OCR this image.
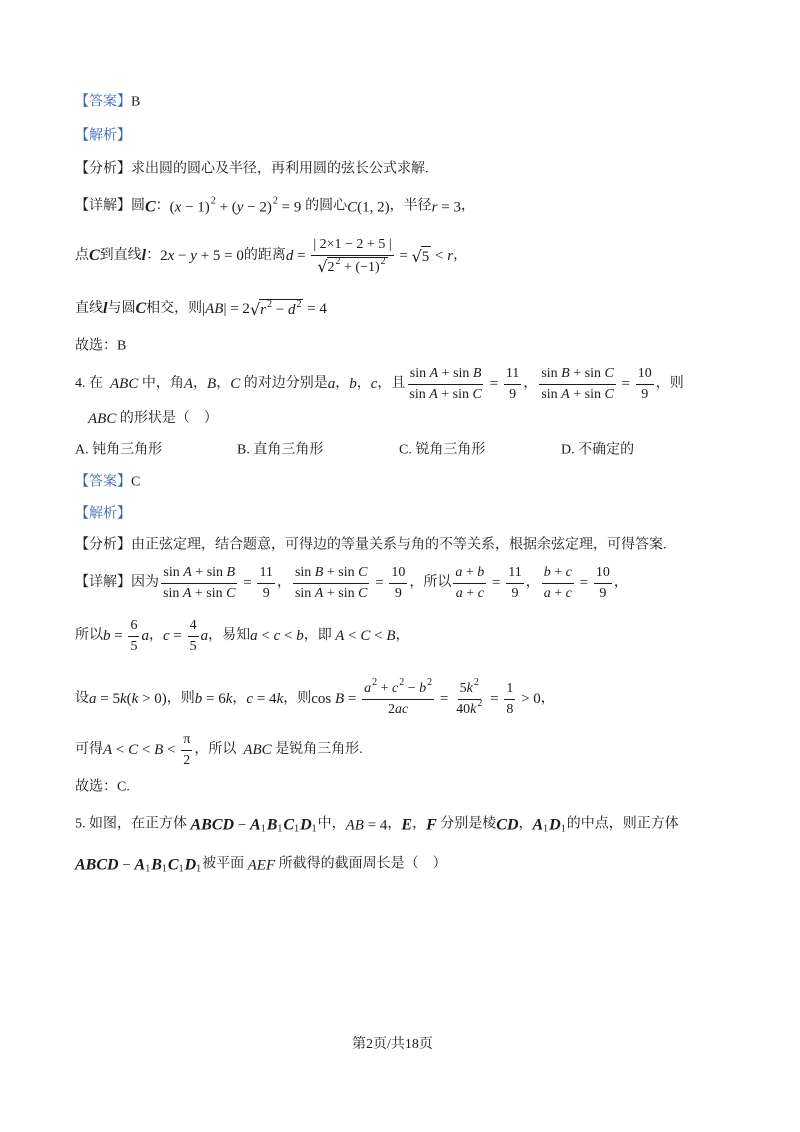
【答案】 B
【解析】
【分析】求出圆的圆心及半径，再利用圆的弦长公式求解.
【详解】圆 C ： ( x − 1) 2 + ( y − 2) 2 = 9 的圆心 C (1, 2) ，半径 r = 3 ，
点 C 到直线 l ： 2 x − y + 5 = 0 的距离 $d = \frac{| 2\times 1 - 2 + 5 |}{√ 2 2 + (-1) 2}$ = √ 5 < r ，
直线 l 与圆 C 相交，则 | AB | = 2 √ r 2 − d 2 = 4
故选：B
4. 在 ABC 中，角 A ， B ， C 的对边分别是 a ， b ， c ，且 $\frac{\text{sin A + sin B}}{\text{sin A + sin C}} = \frac{11}{9}$ ， $\frac{\text{sin B + sin C}}{\text{sin A + sin C}} = \frac{10}{9}$ ，则
ABC 的形状是（    ）
A. 钝角三角形	B. 直角三角形	C. 锐角三角形	D. 不确定的
【答案】 C
【解析】
【分析】由正弦定理，结合题意，可得边的等量关系与角的不等关系，根据余弦定理，可得答案.
【详解】因为 $\frac{\text{sin A + sin B}}{\text{sin A + sin C}} = \frac{11}{9}$ ， $\frac{\text{sin B + sin C}}{\text{sin A + sin C}} = \frac{10}{9}$ ，所以 $\frac{a + b}{a + c} = \frac{11}{9}$ ， $\frac{b + c}{a + c} = \frac{10}{9}$ ，
所以 $b = \frac{6}{5}$ a ， $c = \frac{4}{5}$ a ，易知 a < c < b ，即 A < C < B ，
设 a = 5 k ( k > 0) ，则 b = 6 k ， c = 4 k ，则 $\cos B = \frac{a 2 + c 2 - b 2}{2 ac} = \frac{5 k 2}{40 k 2} = \frac{1}{8} > 0$ ，
可得 $A < C < B < \frac{\pi}{2}$ ，所以 ABC 是锐角三角形.
故选：C.
5. 如图，在正方体 ABCD − A 1 B 1 C 1 D 1 中， AB = 4 ， E ， F 分别是棱 CD ， A 1 D 1 的中点，则正方体
ABCD − A 1 B 1 C 1 D 1 被平面 AEF 所截得的截面周长是（    ）
第2页/共18页
